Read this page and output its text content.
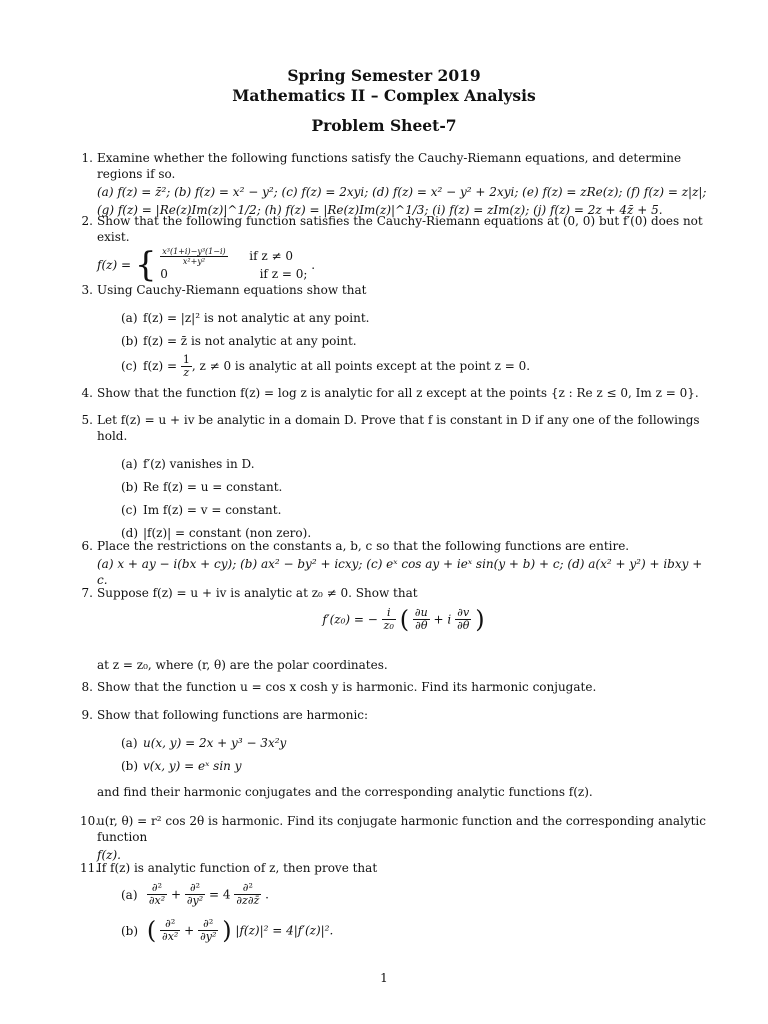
Spring Semester 2019
Mathematics II – Complex Analysis
Problem Sheet-7
1. Examine whether the following functions satisfy the Cauchy-Riemann equations, and determine regions if so.
(a) f(z) = z̄²; (b) f(z) = x² − y²; (c) f(z) = 2xyi; (d) f(z) = x² − y² + 2xyi; (e) f(z) = zRe(z); (f) f(z) = z|z|;
(g) f(z) = |Re(z)Im(z)|^1/2; (h) f(z) = |Re(z)Im(z)|^1/3; (i) f(z) = zIm(z); (j) f(z) = 2z + 4z̄ + 5.
2. Show that the following function satisfies the Cauchy-Riemann equations at (0, 0) but f′(0) does not exist.
f(z) = { $\frac{\text{x³(1+i)−y³(1−i)}}{\text{x²+y²}}$ if z ≠ 0
0	if z = 0;
.
3. Using Cauchy-Riemann equations show that
(a) f(z) = |z|² is not analytic at any point.
(b) f(z) = z̄ is not analytic at any point.
(c) $f(z) = \frac{1}{z}$ , z ≠ 0 is analytic at all points except at the point z = 0.
4. Show that the function f(z) = log z is analytic for all z except at the points {z : Re z ≤ 0, Im z = 0}.
5. Let f(z) = u + iv be analytic in a domain D. Prove that f is constant in D if any one of the followings hold.
(a) f′(z) vanishes in D.
(b) Re f(z) = u = constant.
(c) Im f(z) = v = constant.
(d) |f(z)| = constant (non zero).
6. Place the restrictions on the constants a, b, c so that the following functions are entire.
(a) x + ay − i(bx + cy); (b) ax² − by² + icxy; (c) eˣ cos ay + ieˣ sin(y + b) + c; (d) a(x² + y²) + ibxy + c.
7. Suppose f(z) = u + iv is analytic at z₀ ≠ 0. Show that
f′(z₀) = − $\frac{i}{\text{z₀}}$ ( $\frac{\partial u}{\partial\theta} + i \frac{\partial v}{\partial\theta}$ )
at z = z₀, where (r, θ) are the polar coordinates.
8. Show that the function u = cos x cosh y is harmonic. Find its harmonic conjugate.
9. Show that following functions are harmonic:
(a) u(x, y) = 2x + y³ − 3x²y
(b) v(x, y) = eˣ sin y
and find their harmonic conjugates and the corresponding analytic functions f(z).
10.
u(r, θ) = r² cos 2θ is harmonic. Find its conjugate harmonic function and the corresponding analytic function
f(z).
11.
If f(z) is analytic function of z, then prove that
$(a) \frac{\text{∂²}}{\text{∂x²}} + \frac{\text{∂²}}{\text{∂y²}} = 4 \frac{\text{∂²}}{\partial z\partial z̄}$ .
(b) ( $\frac{\text{∂²}}{\text{∂x²}} + \frac{\text{∂²}}{\text{∂y²}}$ ) |f(z)|² = 4|f′(z)|².
1
